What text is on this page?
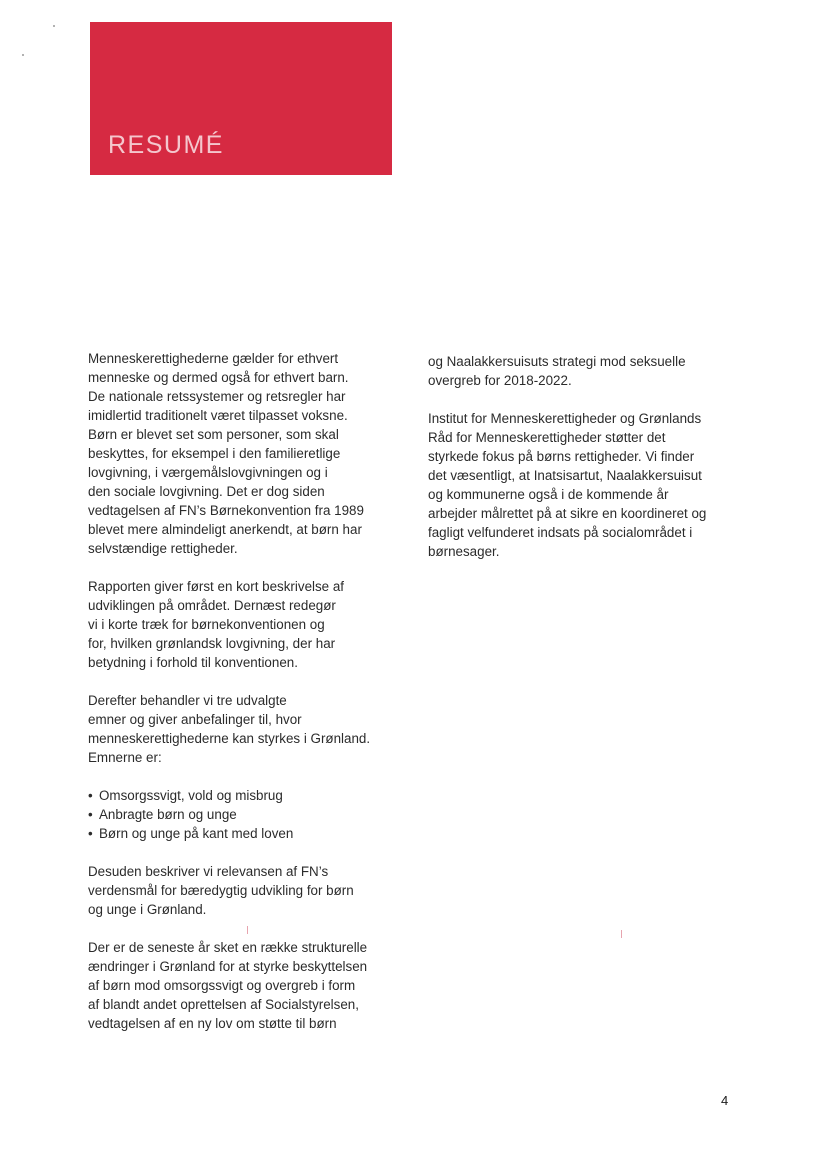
RESUMÉ

Menneskerettighederne gælder for ethvert
menneske og dermed også for ethvert barn.
De nationale retssystemer og retsregler har
imidlertid traditionelt været tilpasset voksne.
Børn er blevet set som personer, som skal
beskyttes, for eksempel i den familieretlige
lovgivning, i værgemålslovgivningen og i
den sociale lovgivning. Det er dog siden
vedtagelsen af FN’s Børnekonvention fra 1989
blevet mere almindeligt anerkendt, at børn har
selvstændige rettigheder.

Rapporten giver først en kort beskrivelse af
udviklingen på området. Dernæst redegør
vi i korte træk for børnekonventionen og
for, hvilken grønlandsk lovgivning, der har
betydning i forhold til konventionen.

Derefter behandler vi tre udvalgte
emner og giver anbefalinger til, hvor
menneskerettighederne kan styrkes i Grønland.
Emnerne er:

• Omsorgssvigt, vold og misbrug
• Anbragte børn og unge
• Børn og unge på kant med loven

Desuden beskriver vi relevansen af FN’s
verdensmål for bæredygtig udvikling for børn
og unge i Grønland.

Der er de seneste år sket en række strukturelle
ændringer i Grønland for at styrke beskyttelsen
af børn mod omsorgssvigt og overgreb i form
af blandt andet oprettelsen af Socialstyrelsen,
vedtagelsen af en ny lov om støtte til børn

og Naalakkersuisuts strategi mod seksuelle
overgreb for 2018-2022.

Institut for Menneskerettigheder og Grønlands
Råd for Menneskerettigheder støtter det
styrkede fokus på børns rettigheder. Vi finder
det væsentligt, at Inatsisartut, Naalakkersuisut
og kommunerne også i de kommende år
arbejder målrettet på at sikre en koordineret og
fagligt velfunderet indsats på socialområdet i
børnesager.

4
